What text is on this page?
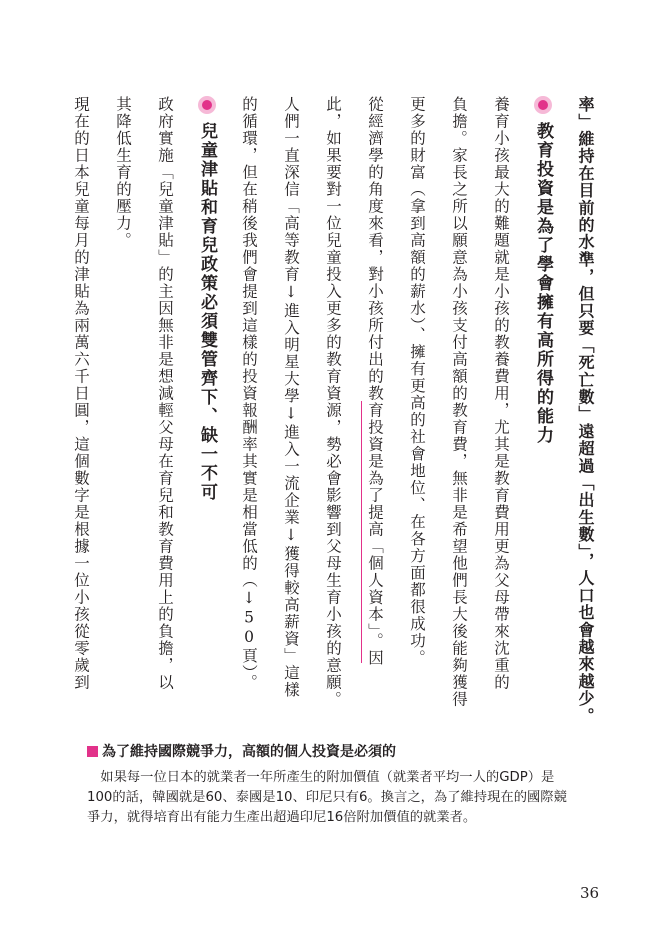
率」維持在目前的水準，但只要「死亡數」遠超過「出生數」，人口也會越來越少。
教育投資是為了學會擁有高所得的能力
養育小孩最大的難題就是小孩的教養費用，尤其是教育費用更為父母帶來沈重的
負擔。家長之所以願意為小孩支付高額的教育費，無非是希望他們長大後能夠獲得
更多的財富（拿到高額的薪水）、擁有更高的社會地位、在各方面都很成功。
從經濟學的角度來看，對小孩所付出的教育投資是為了提高「個人資本」。因
此，如果要對一位兒童投入更多的教育資源，勢必會影響到父母生育小孩的意願。
人們一直深信「高等教育↓進入明星大學↓進入一流企業↓獲得較高薪資」這樣
的循環，但在稍後我們會提到這樣的投資報酬率其實是相當低的（↓50頁）。
兒童津貼和育兒政策必須雙管齊下、缺一不可
政府實施「兒童津貼」的主因無非是想減輕父母在育兒和教育費用上的負擔，以
其降低生育的壓力。
現在的日本兒童每月的津貼為兩萬六千日圓，這個數字是根據一位小孩從零歲到
為了維持國際競爭力，高額的個人投資是必須的
　如果每一位日本的就業者一年所產生的附加價值（就業者平均一人的GDP）是
100的話，韓國就是60、泰國是10、印尼只有6。換言之，為了維持現在的國際競
爭力，就得培育出有能力生產出超過印尼16倍附加價值的就業者。
36
